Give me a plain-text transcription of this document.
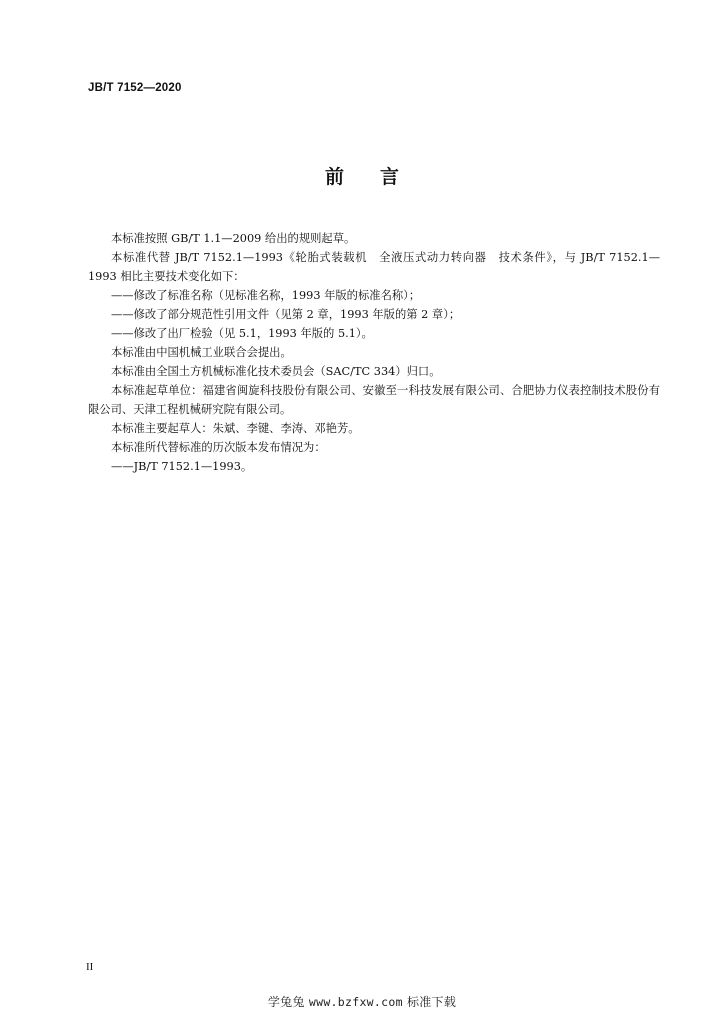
JB/T 7152—2020
前言

本标准按照 GB/T 1.1—2009 给出的规则起草。

本标准代替 JB/T 7152.1—1993《轮胎式装载机　全液压式动力转向器　技术条件》，与 JB/T 7152.1—1993 相比主要技术变化如下：

——修改了标准名称（见标准名称，1993 年版的标准名称）；

——修改了部分规范性引用文件（见第 2 章，1993 年版的第 2 章）；

——修改了出厂检验（见 5.1，1993 年版的 5.1）。

本标准由中国机械工业联合会提出。

本标准由全国土方机械标准化技术委员会（SAC/TC 334）归口。

本标准起草单位：福建省闽旋科技股份有限公司、安徽至一科技发展有限公司、合肥协力仪表控制技术股份有限公司、天津工程机械研究院有限公司。

本标准主要起草人：朱斌、李键、李涛、邓艳芳。

本标准所代替标准的历次版本发布情况为：

——JB/T 7152.1—1993。

II
学兔兔 www.bzfxw.com 标准下载
